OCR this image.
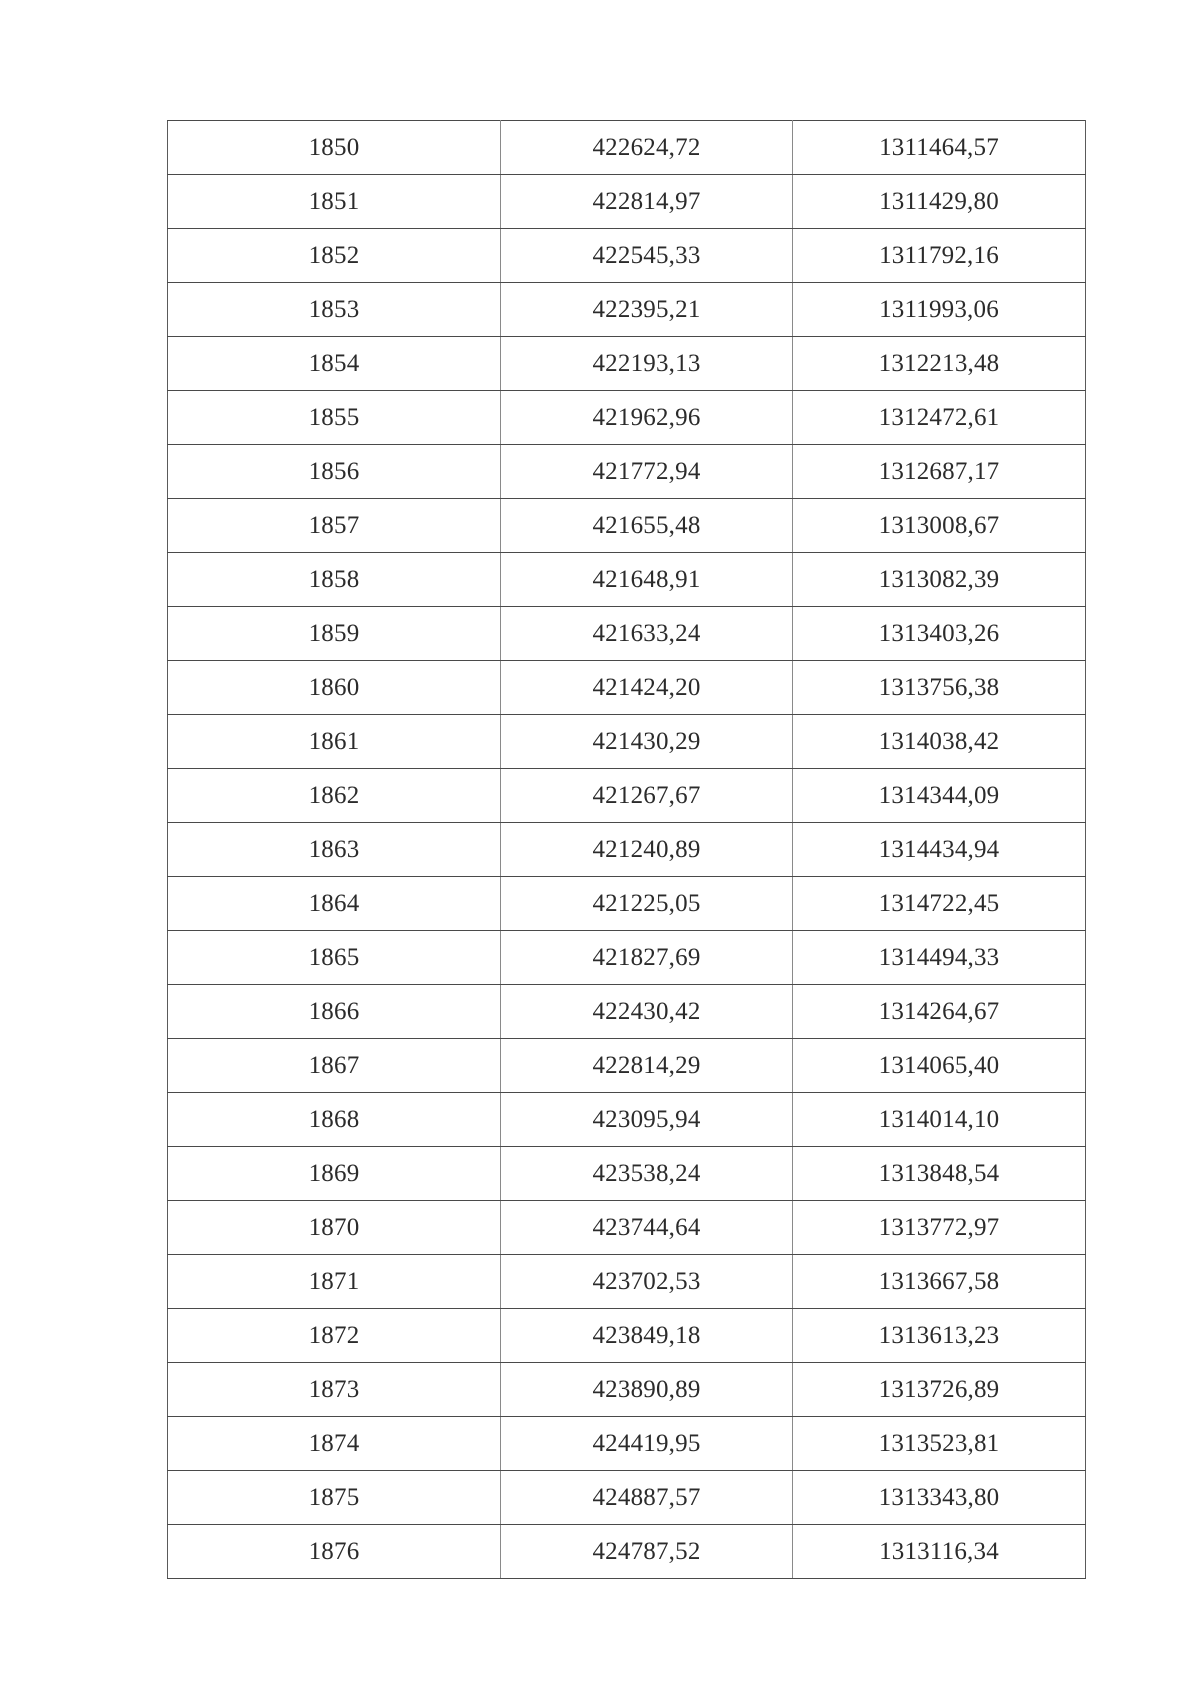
1850	422624,72	1311464,57
1851	422814,97	1311429,80
1852	422545,33	1311792,16
1853	422395,21	1311993,06
1854	422193,13	1312213,48
1855	421962,96	1312472,61
1856	421772,94	1312687,17
1857	421655,48	1313008,67
1858	421648,91	1313082,39
1859	421633,24	1313403,26
1860	421424,20	1313756,38
1861	421430,29	1314038,42
1862	421267,67	1314344,09
1863	421240,89	1314434,94
1864	421225,05	1314722,45
1865	421827,69	1314494,33
1866	422430,42	1314264,67
1867	422814,29	1314065,40
1868	423095,94	1314014,10
1869	423538,24	1313848,54
1870	423744,64	1313772,97
1871	423702,53	1313667,58
1872	423849,18	1313613,23
1873	423890,89	1313726,89
1874	424419,95	1313523,81
1875	424887,57	1313343,80
1876	424787,52	1313116,34
